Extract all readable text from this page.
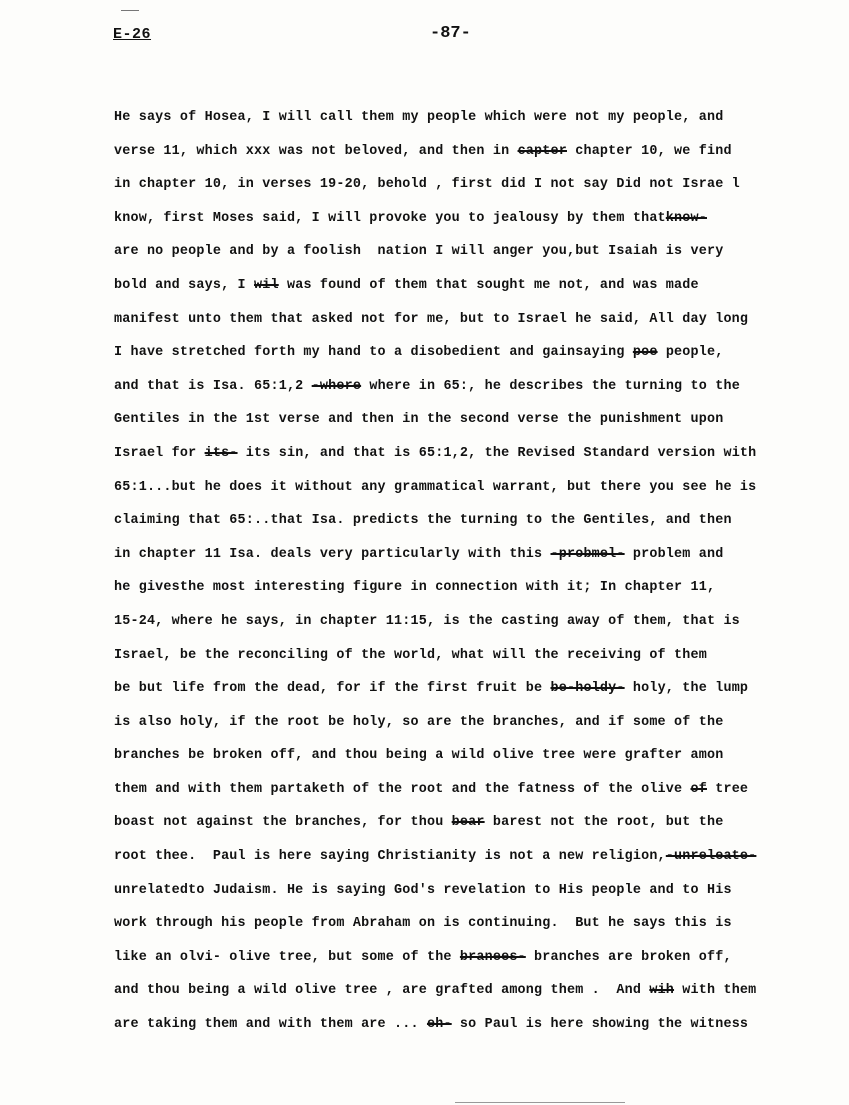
E-26	-87-
He says of Hosea, I will call them my people which were not my people, and
verse 11, which xxx was not beloved, and then in capter chapter 10, we find
in chapter 10, in verses 19-20, behold , first did I not say Did not Israe l
know, first Moses said, I will provoke you to jealousy by them thatknow-
are no people and by a foolish  nation I will anger you,but Isaiah is very
bold and says, I wil was found of them that sought me not, and was made
manifest unto them that asked not for me, but to Israel he said, All day long
I have stretched forth my hand to a disobedient and gainsaying poe people,
and that is Isa. 65:1,2 -where where in 65:, he describes the turning to the
Gentiles in the 1st verse and then in the second verse the punishment upon
Israel for its- its sin, and that is 65:1,2, the Revised Standard version with
65:1...but he does it without any grammatical warrant, but there you see he is
claiming that 65:..that Isa. predicts the turning to the Gentiles, and then
in chapter 11 Isa. deals very particularly with this -probmel- problem and
he givesthe most interesting figure in connection with it; In chapter 11,
15-24, where he says, in chapter 11:15, is the casting away of them, that is
Israel, be the reconciling of the world, what will the receiving of them
be but life from the dead, for if the first fruit be be-holdy- holy, the lump
is also holy, if the root be holy, so are the branches, and if some of the
branches be broken off, and thou being a wild olive tree were grafter amon
them and with them partaketh of the root and the fatness of the olive of tree
boast not against the branches, for thou bear barest not the root, but the
root thee.  Paul is here saying Christianity is not a new religion,-unreleate-
unrelatedto Judaism. He is saying God's revelation to His people and to His
work through his people from Abraham on is continuing.  But he says this is
like an olvi- olive tree, but some of the branees- branches are broken off,
and thou being a wild olive tree , are grafted among them .  And wih with them
are taking them and with them are ... eh- so Paul is here showing the witness
